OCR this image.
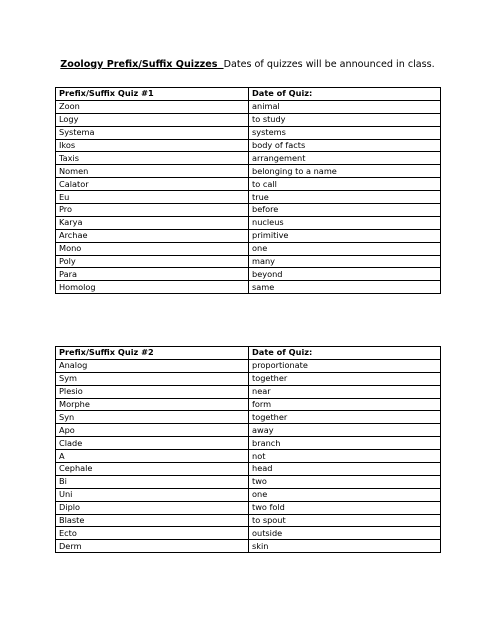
Zoology Prefix/Suffix Quizzes Dates of quizzes will be announced in class.
Prefix/Suffix Quiz #1	Date of Quiz:
Zoon	animal
Logy	to study
Systema	systems
Ikos	body of facts
Taxis	arrangement
Nomen	belonging to a name
Calator	to call
Eu	true
Pro	before
Karya	nucleus
Archae	primitive
Mono	one
Poly	many
Para	beyond
Homolog	same
Prefix/Suffix Quiz #2	Date of Quiz:
Analog	proportionate
Sym	together
Plesio	near
Morphe	form
Syn	together
Apo	away
Clade	branch
A	not
Cephale	head
Bi	two
Uni	one
Diplo	two fold
Blaste	to spout
Ecto	outside
Derm	skin
